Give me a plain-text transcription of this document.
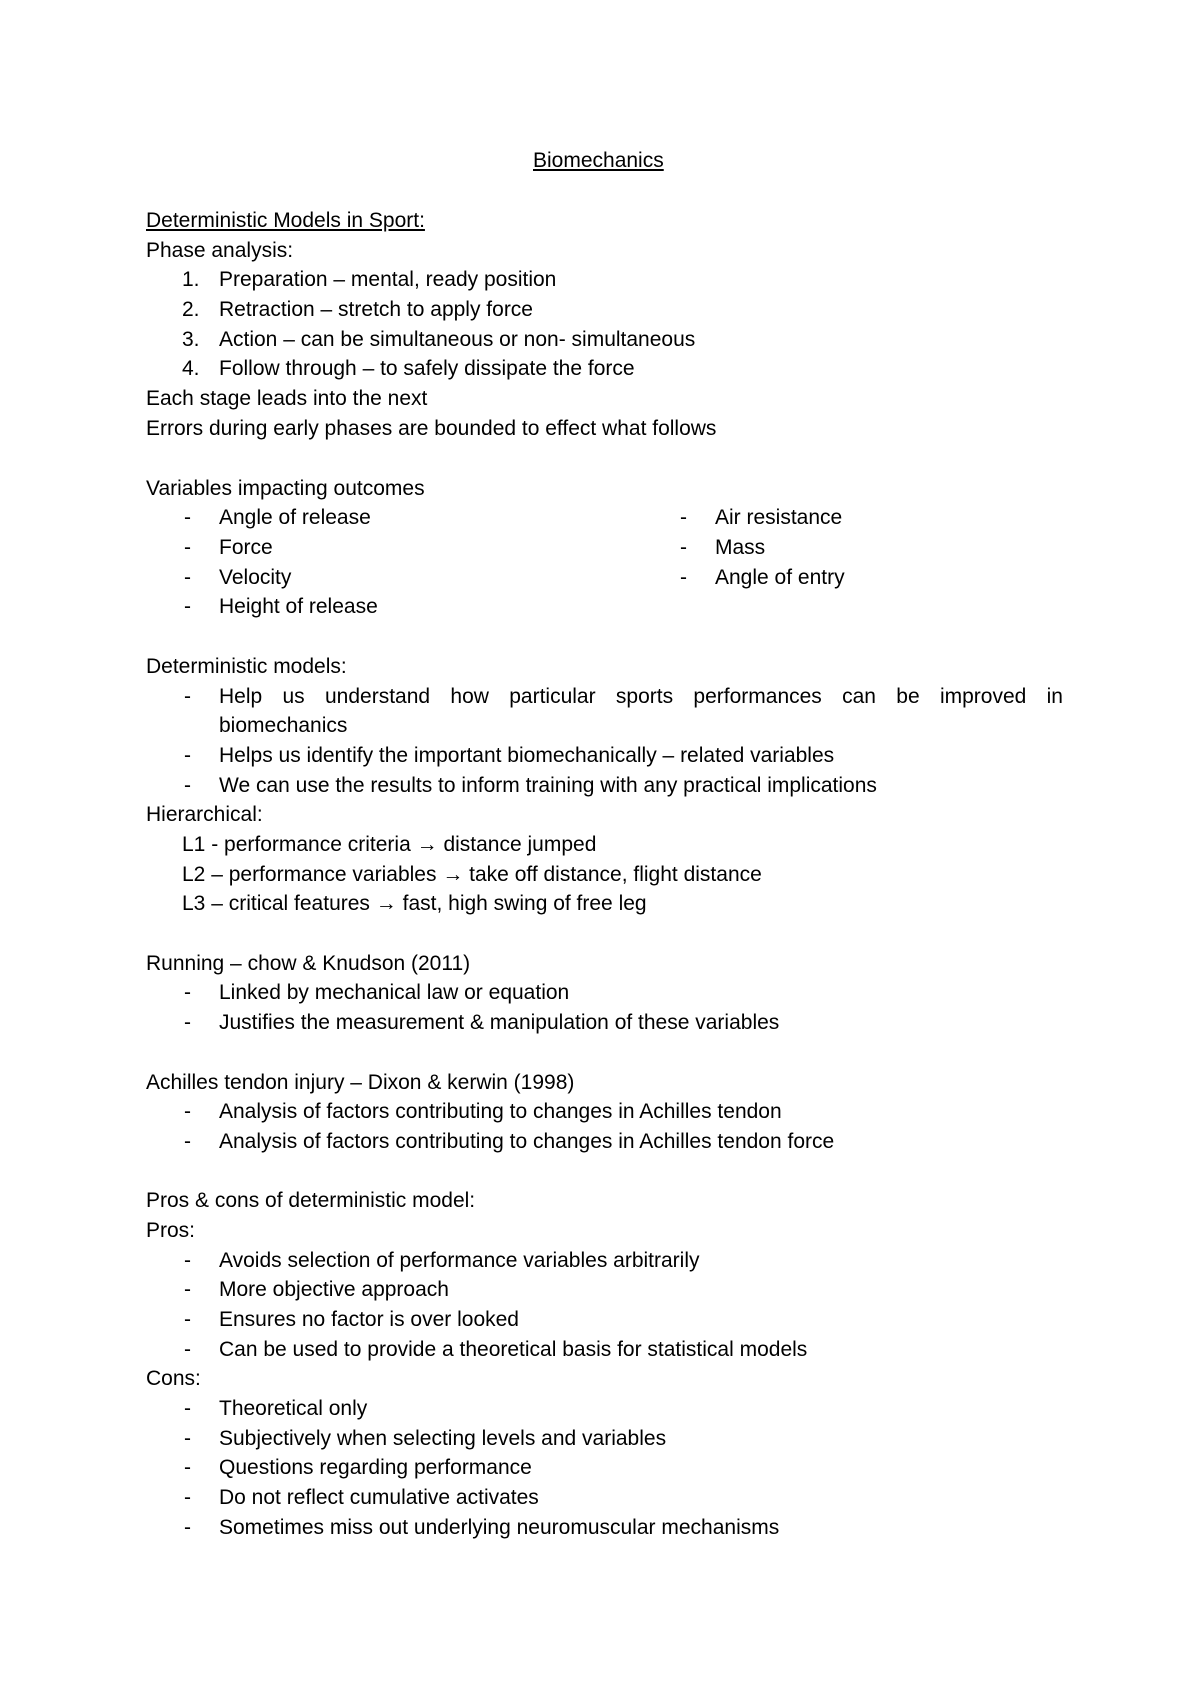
Biomechanics
Deterministic Models in Sport:
Phase analysis:
1. Preparation – mental, ready position
2. Retraction – stretch to apply force
3. Action – can be simultaneous or non- simultaneous
4. Follow through – to safely dissipate the force
Each stage leads into the next
Errors during early phases are bounded to effect what follows
Variables impacting outcomes
- Angle of release	- Air resistance
- Force	- Mass
- Velocity	- Angle of entry
- Height of release
Deterministic models:
- Help us understand how particular sports performances can be improved in
biomechanics
- Helps us identify the important biomechanically – related variables
- We can use the results to inform training with any practical implications
Hierarchical:
L1 - performance criteria → distance jumped
L2 – performance variables → take off distance, flight distance
L3 – critical features → fast, high swing of free leg
Running – chow & Knudson (2011)
- Linked by mechanical law or equation
- Justifies the measurement & manipulation of these variables
Achilles tendon injury – Dixon & kerwin (1998)
- Analysis of factors contributing to changes in Achilles tendon
- Analysis of factors contributing to changes in Achilles tendon force
Pros & cons of deterministic model:
Pros:
- Avoids selection of performance variables arbitrarily
- More objective approach
- Ensures no factor is over looked
- Can be used to provide a theoretical basis for statistical models
Cons:
- Theoretical only
- Subjectively when selecting levels and variables
- Questions regarding performance
- Do not reflect cumulative activates
- Sometimes miss out underlying neuromuscular mechanisms
